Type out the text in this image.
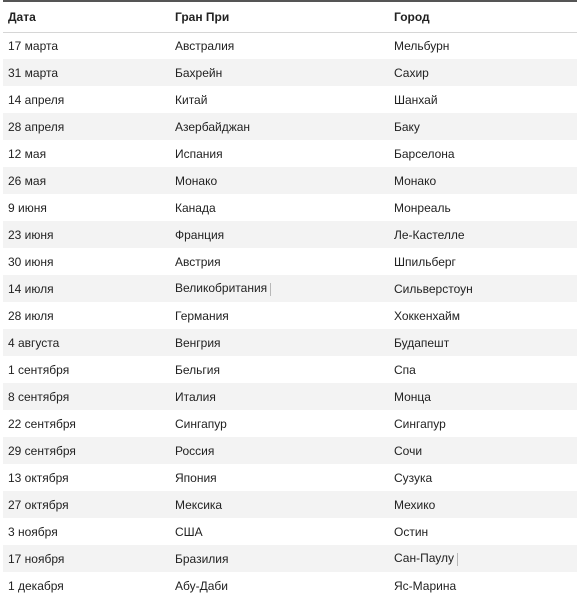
Дата	Гран При	Город
17 марта	Австралия	Мельбурн
31 марта	Бахрейн	Сахир
14 апреля	Китай	Шанхай
28 апреля	Азербайджан	Баку
12 мая	Испания	Барселона
26 мая	Монако	Монако
9 июня	Канада	Монреаль
23 июня	Франция	Ле-Кастелле
30 июня	Австрия	Шпильберг
14 июля	Великобритания	Сильверстоун
28 июля	Германия	Хоккенхайм
4 августа	Венгрия	Будапешт
1 сентября	Бельгия	Спа
8 сентября	Италия	Монца
22 сентября	Сингапур	Сингапур
29 сентября	Россия	Сочи
13 октября	Япония	Сузука
27 октября	Мексика	Мехико
3 ноября	США	Остин
17 ноября	Бразилия	Сан-Паулу
1 декабря	Абу-Даби	Яс-Марина
